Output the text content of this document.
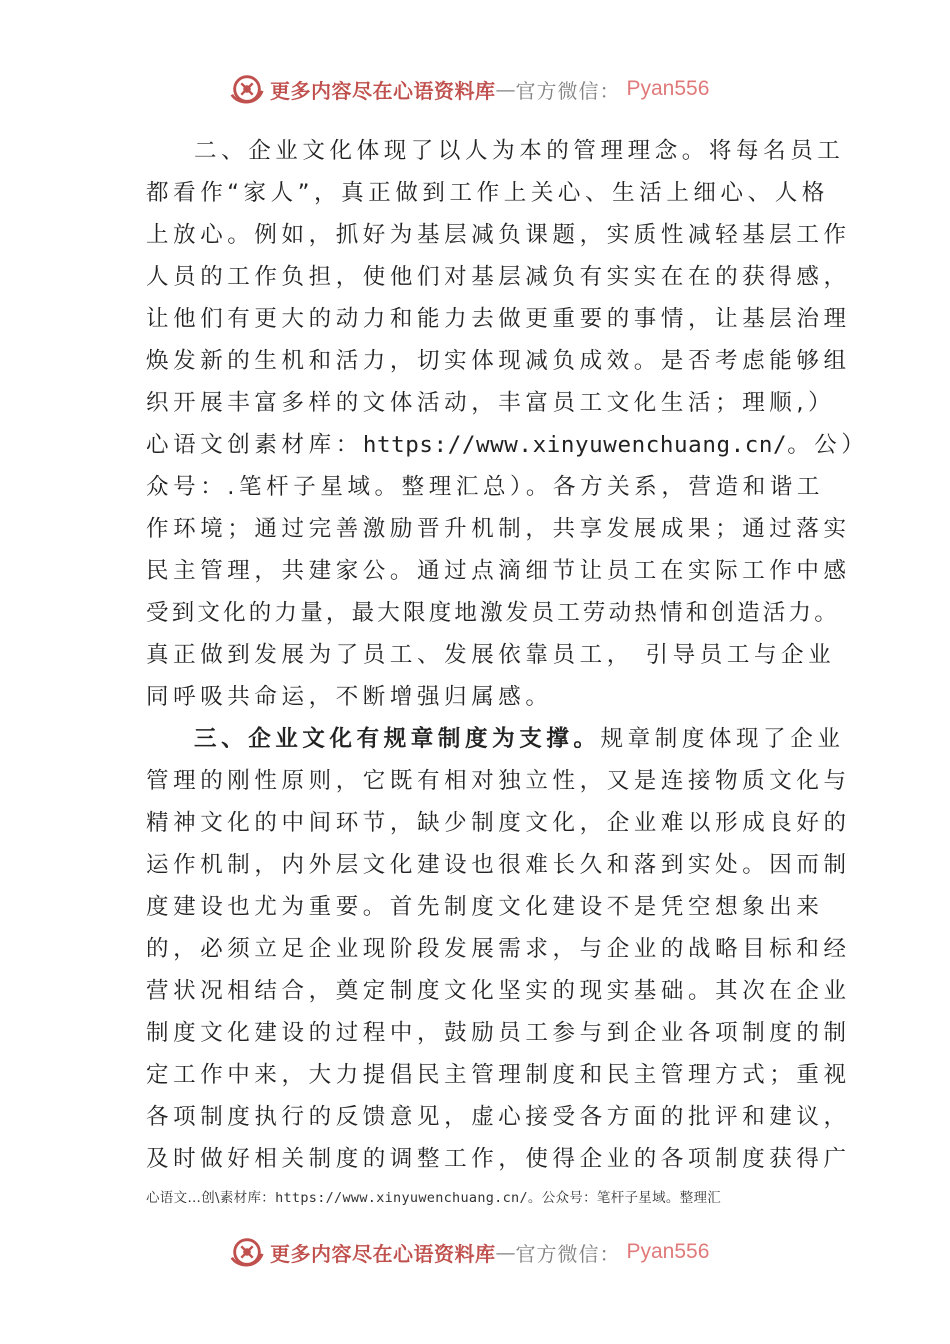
更多内容尽在心语资料库 — 官方微信： Pyan556
二、企业文化体现了以人为本的管理理念。将每名员工
都看作“家人”，真正做到工作上关心、生活上细心、人格
上放心。例如，抓好为基层减负课题，实质性减轻基层工作
人员的工作负担，使他们对基层减负有实实在在的获得感，
让他们有更大的动力和能力去做更重要的事情，让基层治理
焕发新的生机和活力，切实体现减负成效。是否考虑能够组
织开展丰富多样的文体活动，丰富员工文化生活；理顺,）
心语文创素材库：https://www.xinyuwenchuang.cn/。公）
众号：.笔杆子星域。整理汇总）。各方关系，营造和谐工
作环境；通过完善激励晋升机制，共享发展成果；通过落实
民主管理，共建家公。通过点滴细节让员工在实际工作中感
受到文化的力量，最大限度地激发员工劳动热情和创造活力。
真正做到发展为了员工、发展依靠员工， 引导员工与企业
同呼吸共命运，不断增强归属感。
三、企业文化有规章制度为支撑。规章制度体现了企业
管理的刚性原则，它既有相对独立性，又是连接物质文化与
精神文化的中间环节，缺少制度文化，企业难以形成良好的
运作机制，内外层文化建设也很难长久和落到实处。因而制
度建设也尤为重要。首先制度文化建设不是凭空想象出来
的，必须立足企业现阶段发展需求，与企业的战略目标和经
营状况相结合，奠定制度文化坚实的现实基础。其次在企业
制度文化建设的过程中，鼓励员工参与到企业各项制度的制
定工作中来，大力提倡民主管理制度和民主管理方式；重视
各项制度执行的反馈意见，虚心接受各方面的批评和建议，
及时做好相关制度的调整工作，使得企业的各项制度获得广
心语文…创\素材库：https://www.xinyuwenchuang.cn/。公众号：笔杆子星域。整理汇
更多内容尽在心语资料库 — 官方微信： Pyan556
